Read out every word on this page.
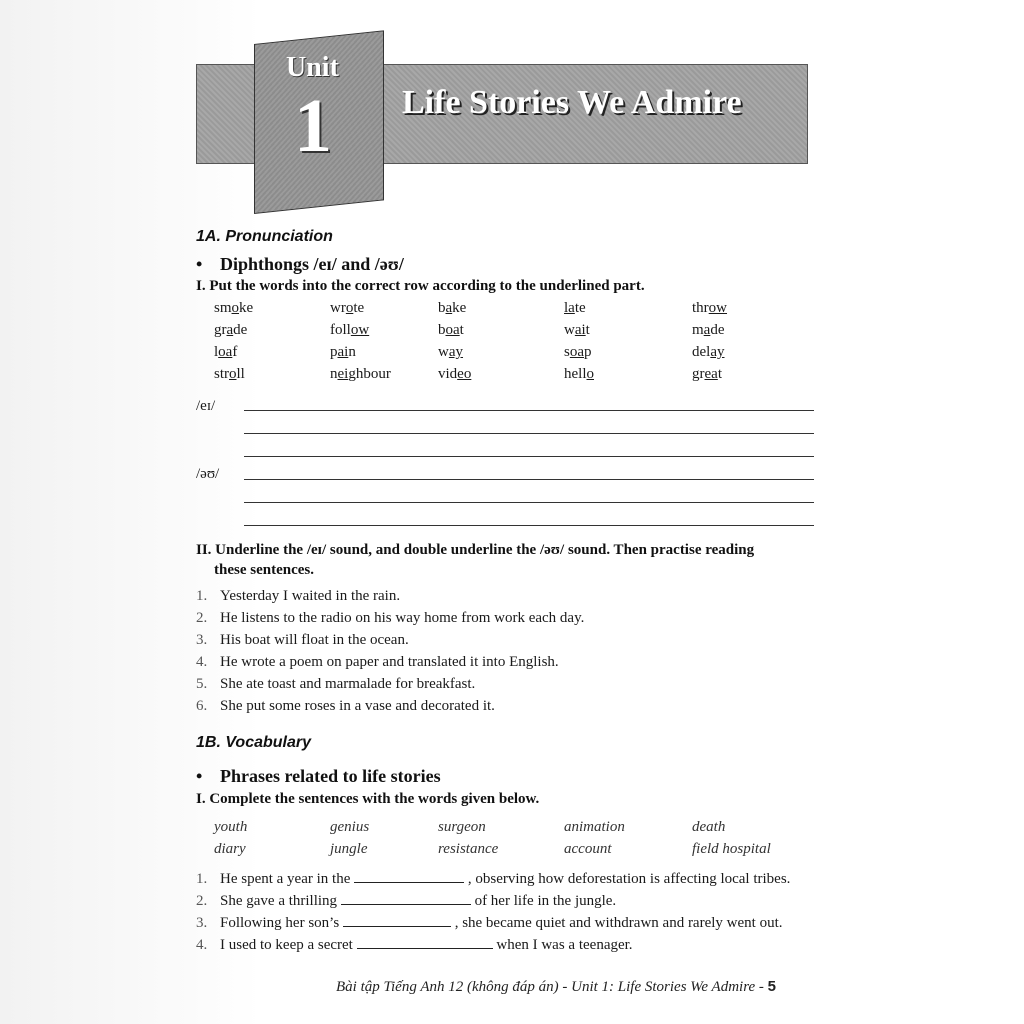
Unit
1 Life Stories We Admire
1A. Pronunciation
• Diphthongs /eɪ/ and /əʊ/
I. Put the words into the correct row according to the underlined part.
smoke	wrote	bake	late	throw
grade	follow	boat	wait	made
loaf	pain	way	soap	delay
stroll	neighbour	video	hello	great
/eɪ/
/əʊ/
II. Underline the /eɪ/ sound, and double underline the /əʊ/ sound. Then practise reading
these sentences.
1. Yesterday I waited in the rain.
2. He listens to the radio on his way home from work each day.
3. His boat will float in the ocean.
4. He wrote a poem on paper and translated it into English.
5. She ate toast and marmalade for breakfast.
6. She put some roses in a vase and decorated it.
1B. Vocabulary
• Phrases related to life stories
I. Complete the sentences with the words given below.
youth	genius	surgeon	animation	death
diary	jungle	resistance	account	field hospital
1. He spent a year in the	, observing how deforestation is affecting local tribes.
2. She gave a thrilling	of her life in the jungle.
3. Following her son’s	, she became quiet and withdrawn and rarely went out.
4. I used to keep a secret	when I was a teenager.
Bài tập Tiếng Anh 12 (không đáp án) - Unit 1: Life Stories We Admire - 5
